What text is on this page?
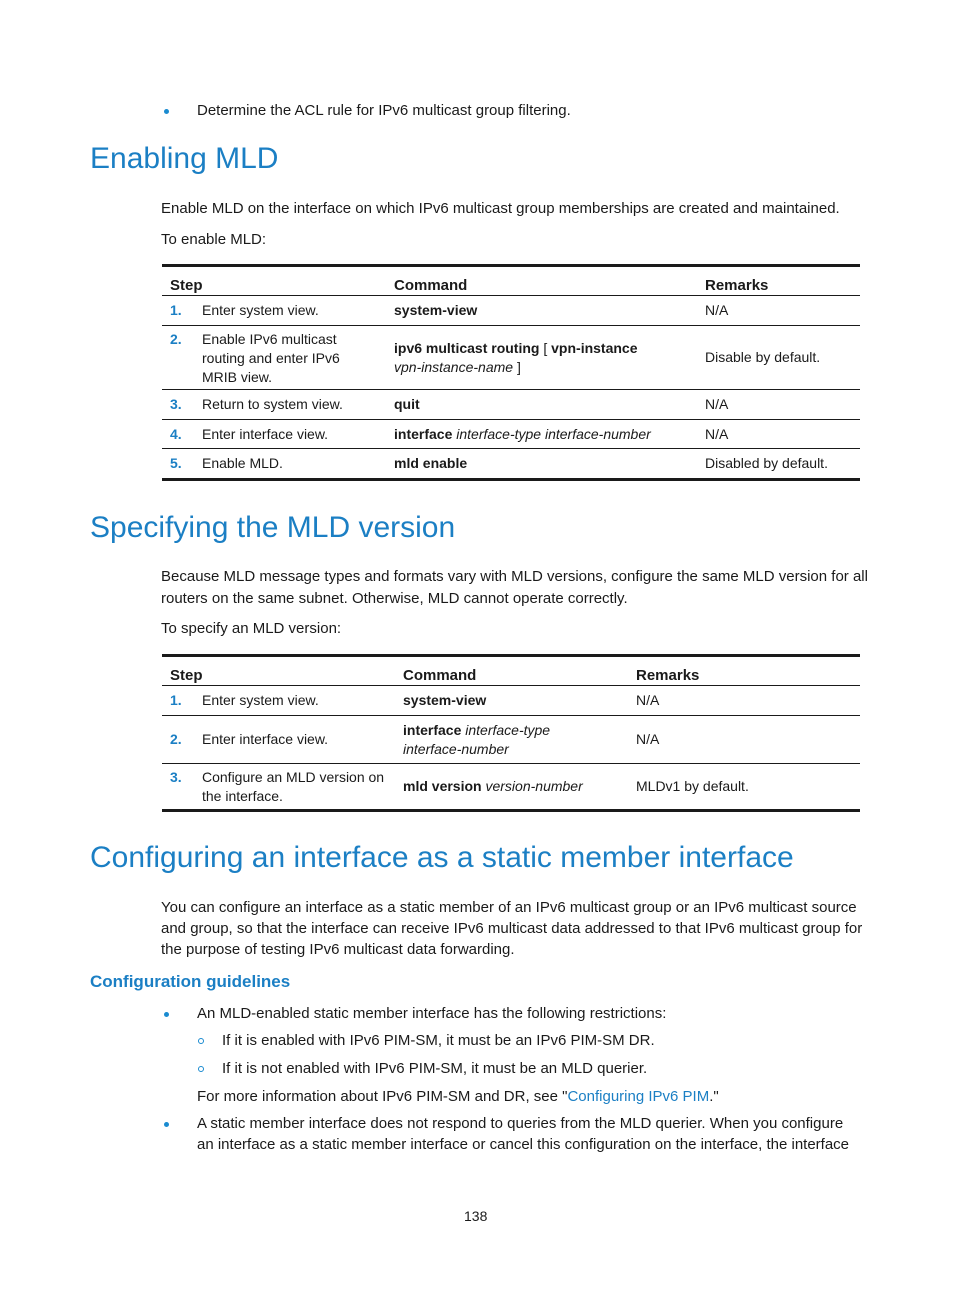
Determine the ACL rule for IPv6 multicast group filtering.
Enabling MLD
Enable MLD on the interface on which IPv6 multicast group memberships are created and maintained.
To enable MLD:
Step		Command	Remarks
1.	Enter system view.	system-view	N/A
2.	Enable IPv6 multicast routing and enter IPv6 MRIB view.	ipv6 multicast routing [ vpn-instance
vpn-instance-name ]	Disable by default.
3.	Return to system view.	quit	N/A
4.	Enter interface view.	interface interface-type interface-number	N/A
5.	Enable MLD.	mld enable	Disabled by default.
Specifying the MLD version
Because MLD message types and formats vary with MLD versions, configure the same MLD version for all
routers on the same subnet. Otherwise, MLD cannot operate correctly.
To specify an MLD version:
Step		Command	Remarks
1.	Enter system view.	system-view	N/A
2.	Enter interface view.	interface interface-type
interface-number	N/A
3.	Configure an MLD version on the interface.	mld version version-number	MLDv1 by default.
Configuring an interface as a static member interface
You can configure an interface as a static member of an IPv6 multicast group or an IPv6 multicast source
and group, so that the interface can receive IPv6 multicast data addressed to that IPv6 multicast group for
the purpose of testing IPv6 multicast data forwarding.
Configuration guidelines
An MLD-enabled static member interface has the following restrictions:
If it is enabled with IPv6 PIM-SM, it must be an IPv6 PIM-SM DR.
If it is not enabled with IPv6 PIM-SM, it must be an MLD querier.
For more information about IPv6 PIM-SM and DR, see "Configuring IPv6 PIM."
A static member interface does not respond to queries from the MLD querier. When you configure
an interface as a static member interface or cancel this configuration on the interface, the interface
138
